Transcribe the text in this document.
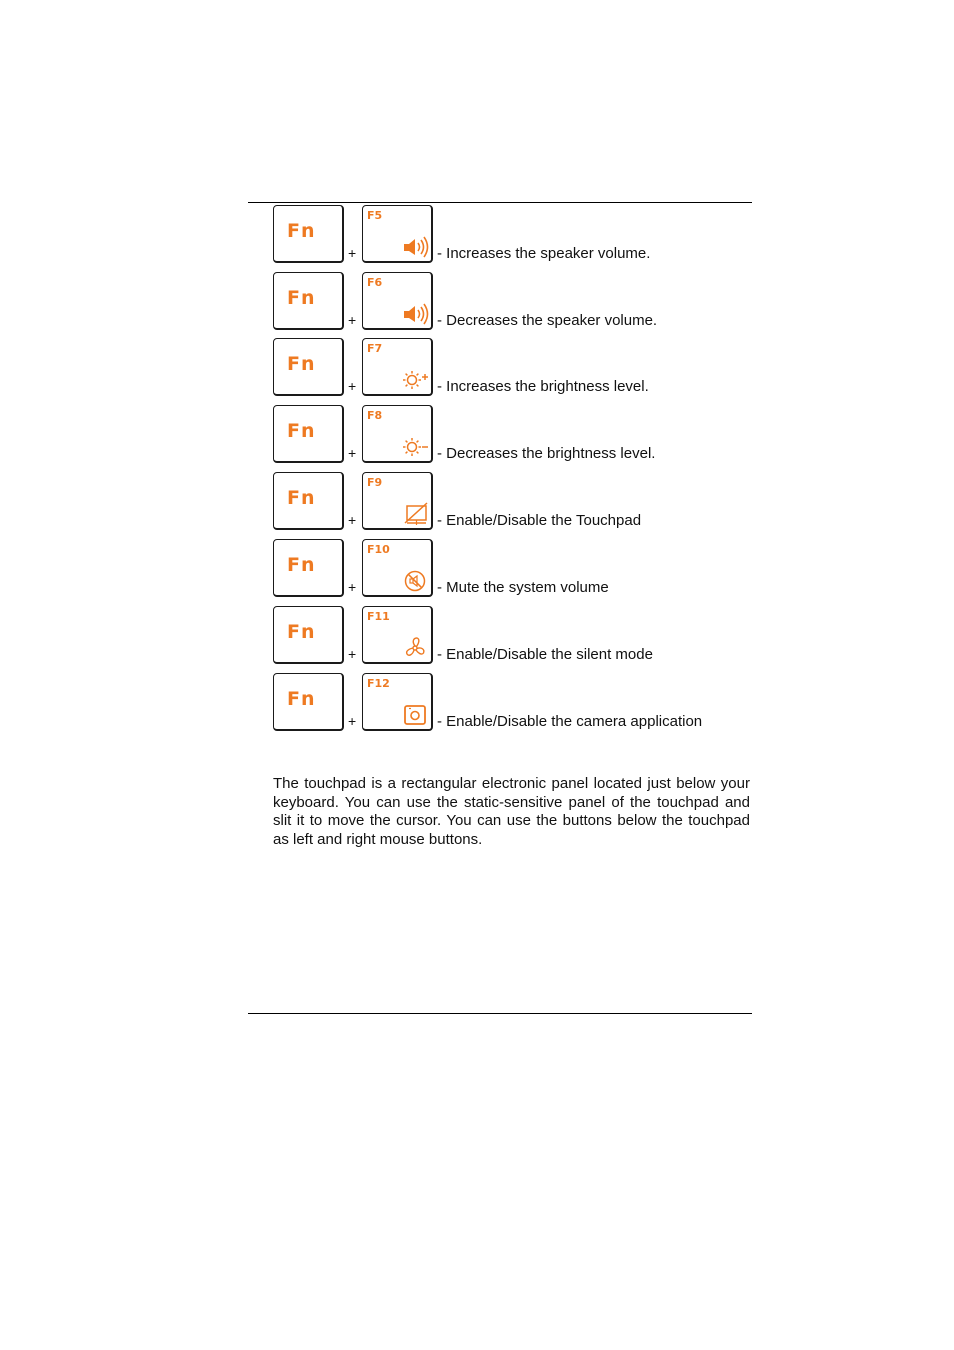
Fn
+
F5
- Increases the speaker volume.
Fn
+
F6
- Decreases the speaker volume.
Fn
+
F7
- Increases the brightness level.
Fn
+
F8
- Decreases the brightness level.
Fn
+
F9
- Enable/Disable the Touchpad
Fn
+
F10
- Mute the system volume
Fn
+
F11
- Enable/Disable the silent mode
Fn
+
F12
- Enable/Disable the camera application

The touchpad is a rectangular electronic panel located just below your keyboard. You can use the static-sensitive panel of the touchpad and slit it to move the cursor. You can use the buttons below the touchpad as left and right mouse buttons.
